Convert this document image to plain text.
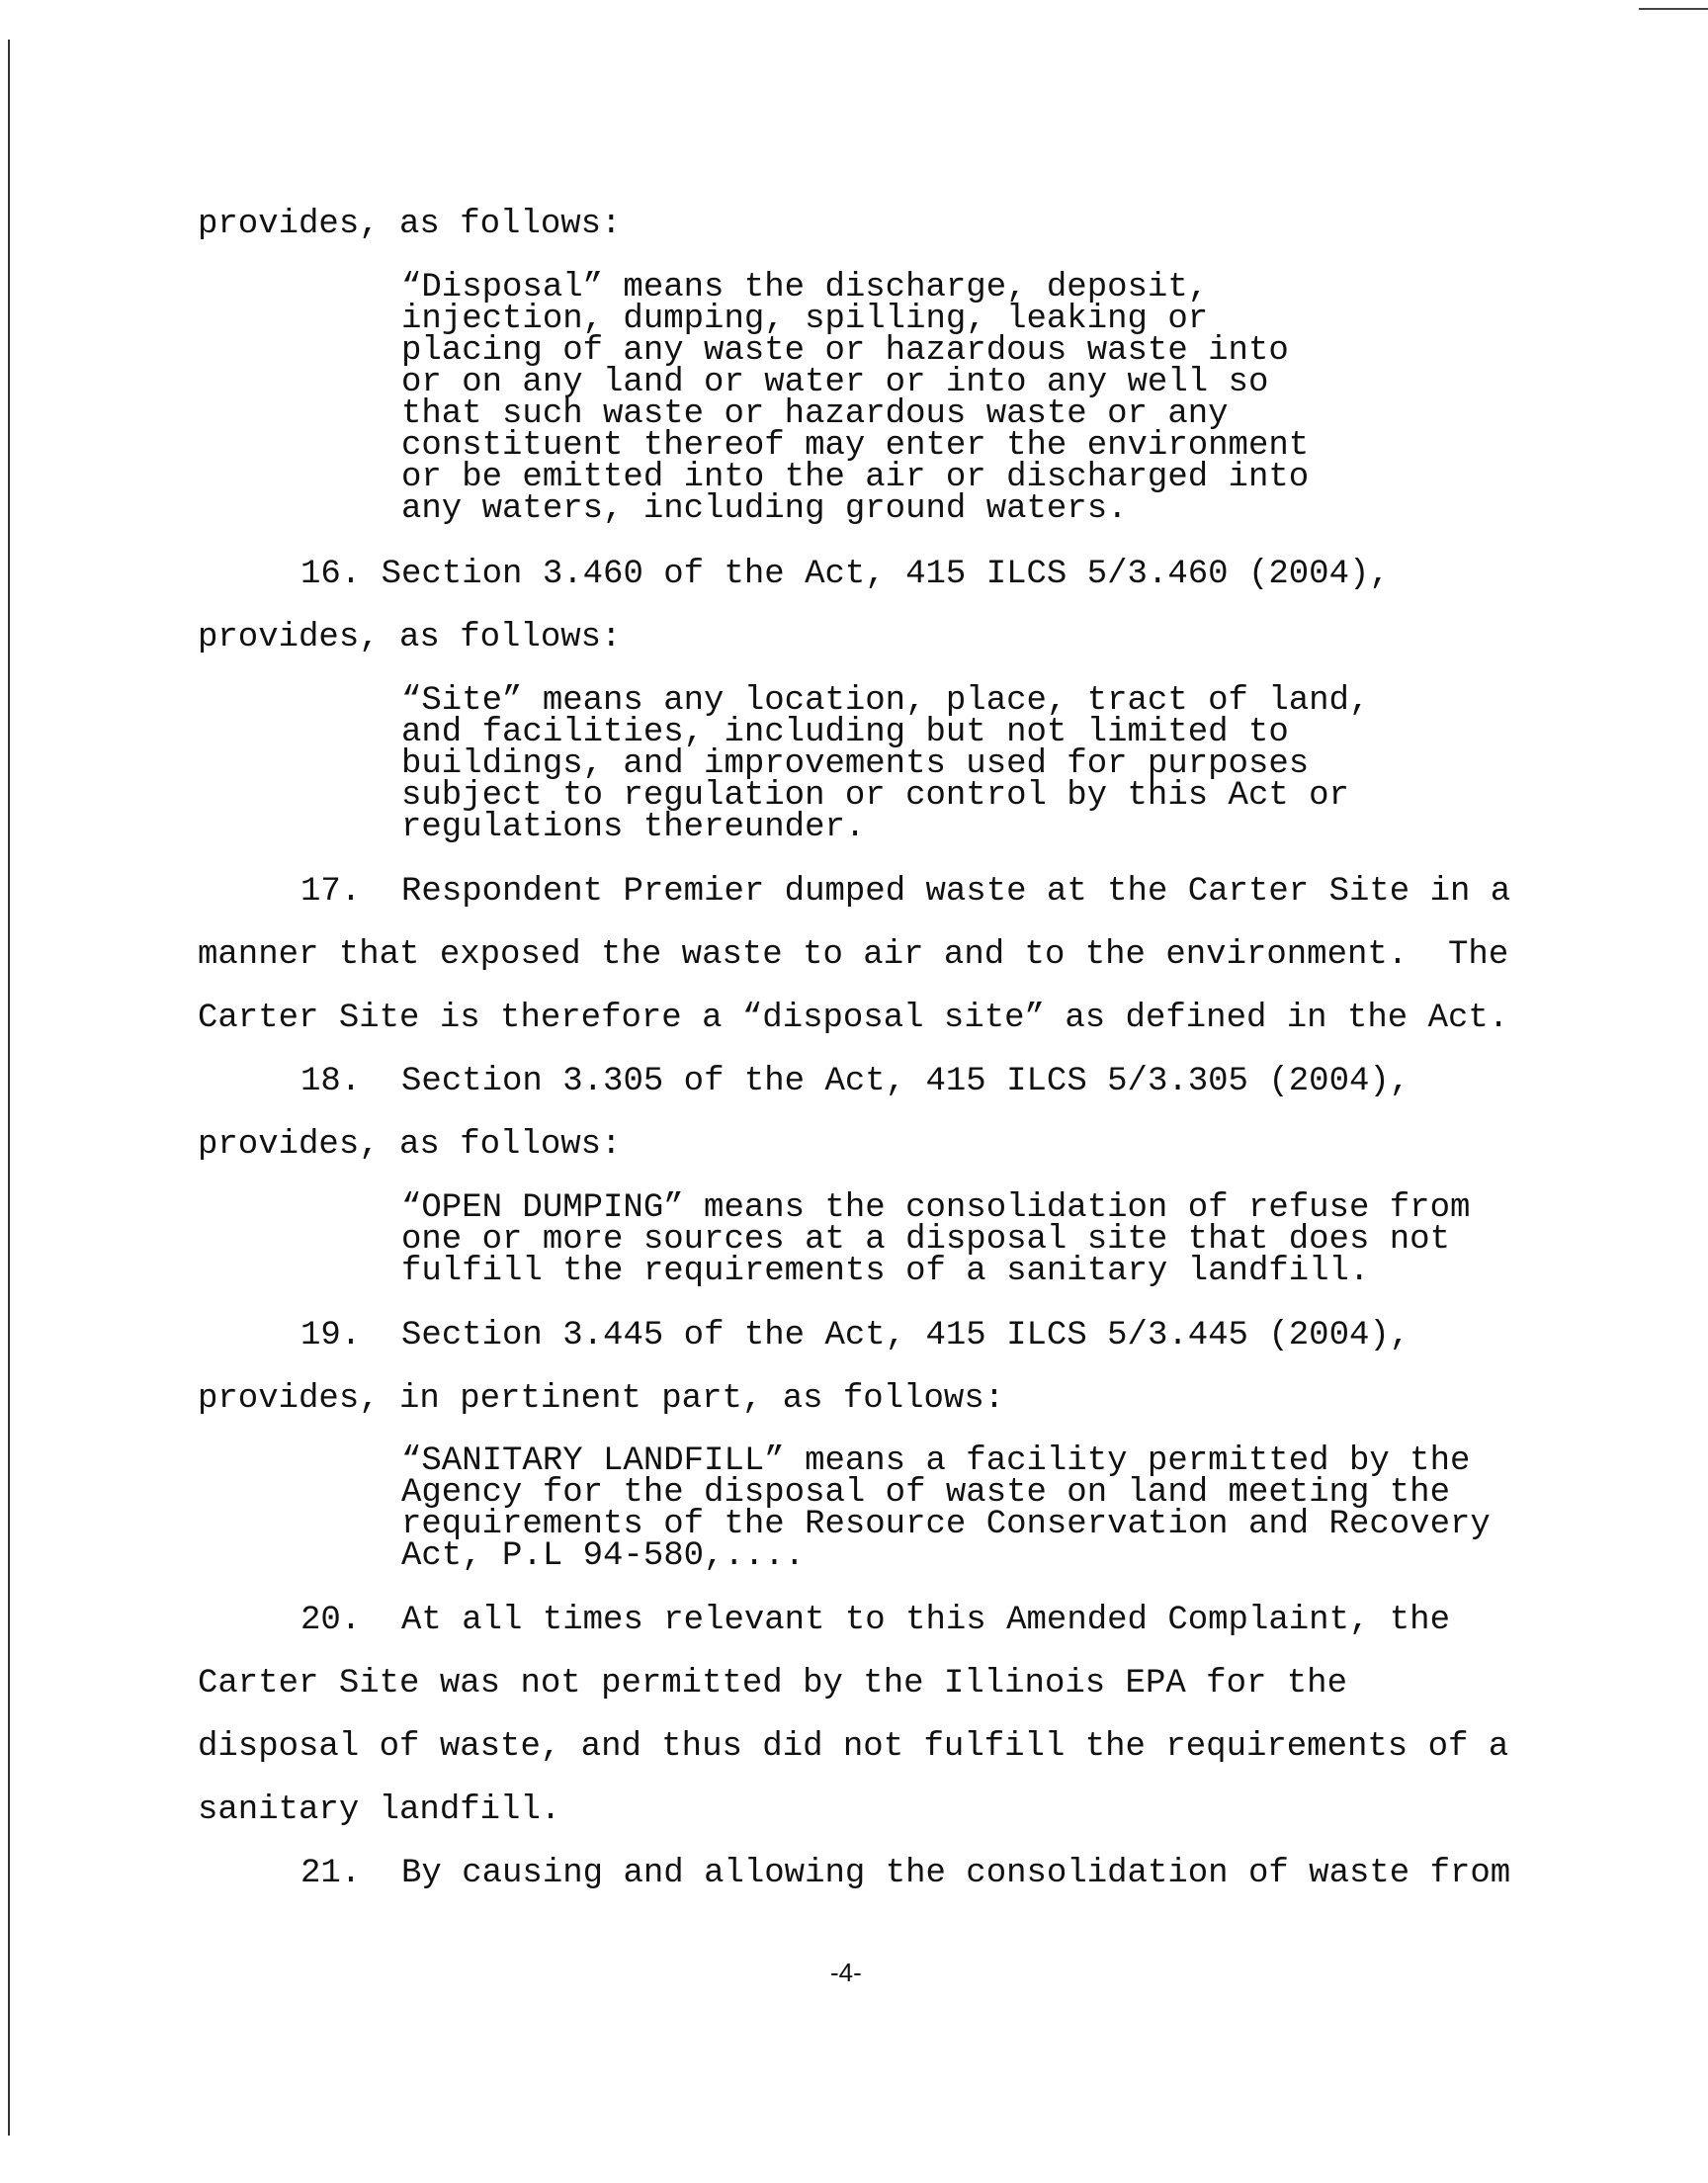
provides, as follows:
“Disposal” means the discharge, deposit,
injection, dumping, spilling, leaking or
placing of any waste or hazardous waste into
or on any land or water or into any well so
that such waste or hazardous waste or any
constituent thereof may enter the environment
or be emitted into the air or discharged into
any waters, including ground waters.
16. Section 3.460 of the Act, 415 ILCS 5/3.460 (2004),
provides, as follows:
“Site” means any location, place, tract of land,
and facilities, including but not limited to
buildings, and improvements used for purposes
subject to regulation or control by this Act or
regulations thereunder.
17.  Respondent Premier dumped waste at the Carter Site in a
manner that exposed the waste to air and to the environment.  The
Carter Site is therefore a “disposal site” as defined in the Act.
18.  Section 3.305 of the Act, 415 ILCS 5/3.305 (2004),
provides, as follows:
“OPEN DUMPING” means the consolidation of refuse from
one or more sources at a disposal site that does not
fulfill the requirements of a sanitary landfill.
19.  Section 3.445 of the Act, 415 ILCS 5/3.445 (2004),
provides, in pertinent part, as follows:
“SANITARY LANDFILL” means a facility permitted by the
Agency for the disposal of waste on land meeting the
requirements of the Resource Conservation and Recovery
Act, P.L 94-580,....
20.  At all times relevant to this Amended Complaint, the
Carter Site was not permitted by the Illinois EPA for the
disposal of waste, and thus did not fulfill the requirements of a
sanitary landfill.
21.  By causing and allowing the consolidation of waste from
-4-
